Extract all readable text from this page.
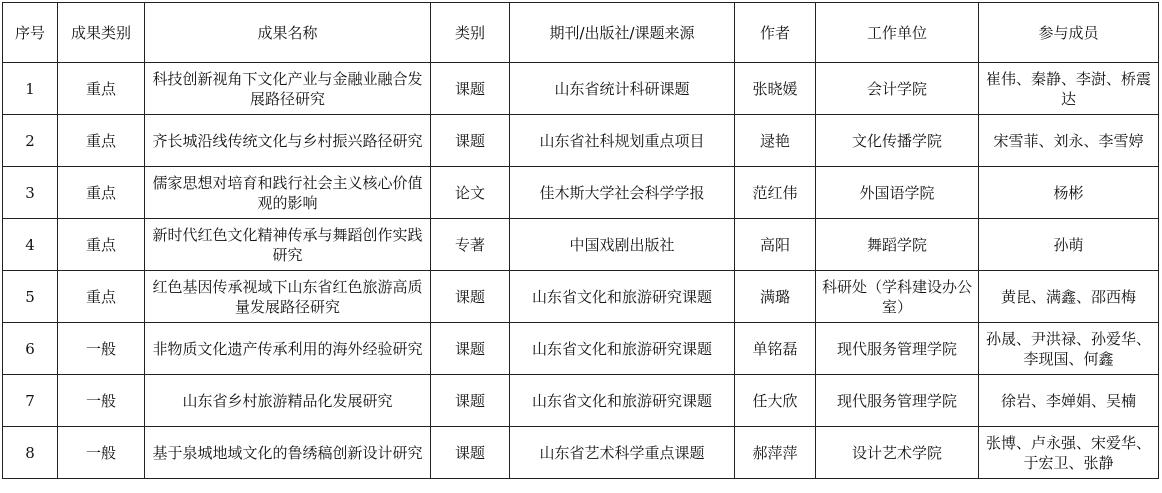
序号	成果类别	成果名称	类别	期刊/出版社/课题来源	作者	工作单位	参与成员
1	重点	科技创新视角下文化产业与金融业融合发展路径研究	课题	山东省统计科研课题	张晓媛	会计学院	崔伟、秦静、李澍、桥震达
2	重点	齐长城沿线传统文化与乡村振兴路径研究	课题	山东省社科规划重点项目	逯艳	文化传播学院	宋雪菲、刘永、李雪婷
3	重点	儒家思想对培育和践行社会主义核心价值观的影响	论文	佳木斯大学社会科学学报	范红伟	外国语学院	杨彬
4	重点	新时代红色文化精神传承与舞蹈创作实践研究	专著	中国戏剧出版社	高阳	舞蹈学院	孙萌
5	重点	红色基因传承视域下山东省红色旅游高质量发展路径研究	课题	山东省文化和旅游研究课题	满璐	科研处（学科建设办公室）	黄昆、满鑫、邵西梅
6	一般	非物质文化遗产传承利用的海外经验研究	课题	山东省文化和旅游研究课题	单铭磊	现代服务管理学院	孙晟、尹洪禄、孙爱华、李现国、何鑫
7	一般	山东省乡村旅游精品化发展研究	课题	山东省文化和旅游研究课题	任大欣	现代服务管理学院	徐岩、李婵娟、吴楠
8	一般	基于泉城地域文化的鲁绣稿创新设计研究	课题	山东省艺术科学重点课题	郝萍萍	设计艺术学院	张博、卢永强、宋爱华、于宏卫、张静
